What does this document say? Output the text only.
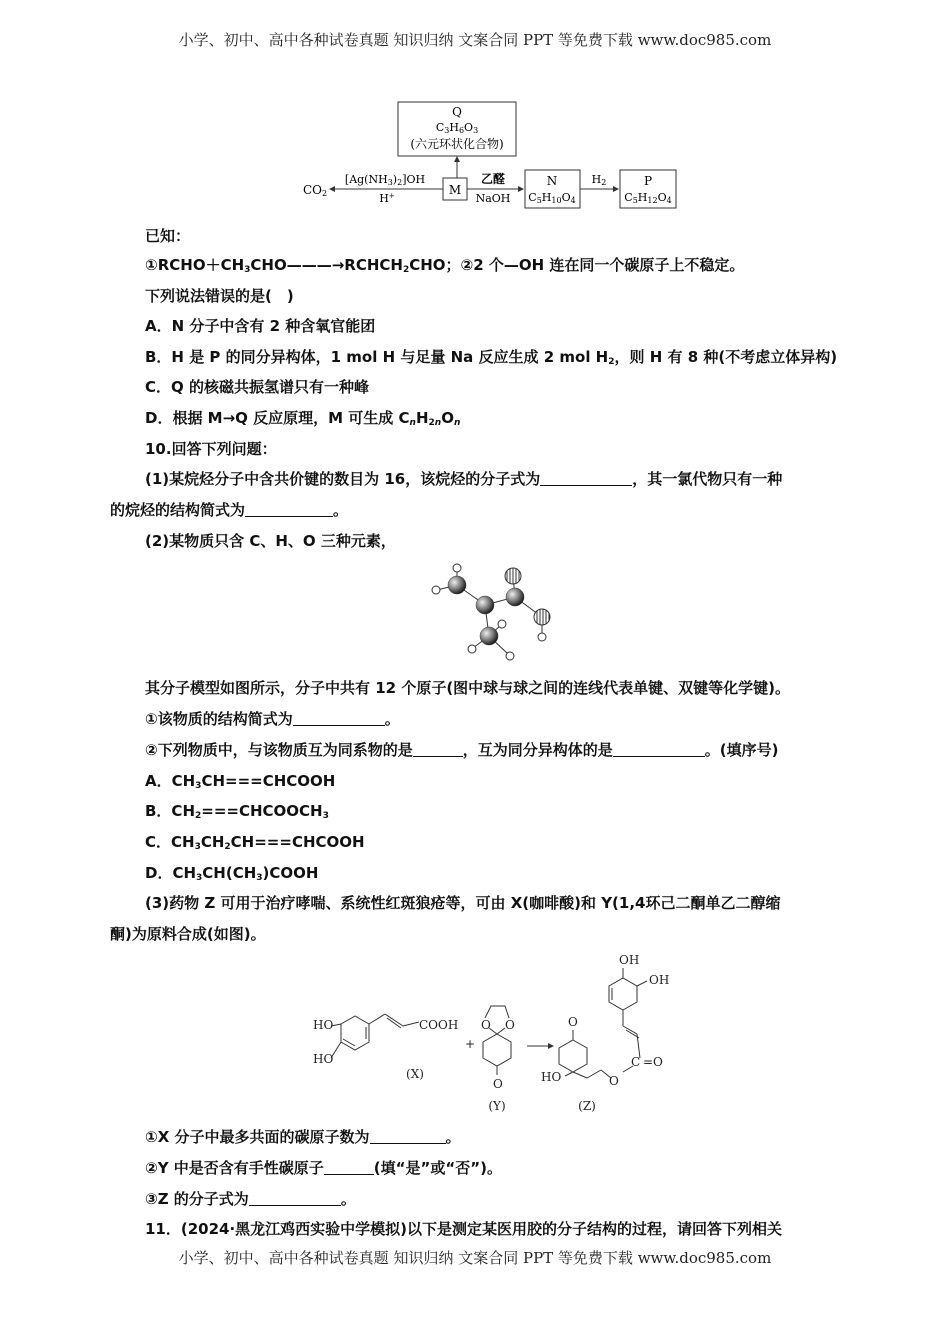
小学、初中、高中各种试卷真题 知识归纳 文案合同 PPT 等免费下载 www.doc985.com
Q
C3H6O3
(六元环状化合物)
M
CO2
[Ag(NH3)2]OH
H+
乙醛
NaOH
N
C5H10O4
H2	P
C5H12O4
已知：
$①RCHO+CH_3CHO———\to RCHCH_2CHO$；②2 个—OH 连在同一个碳原子上不稳定。
下列说法错误的是(　)
A．N 分子中含有 2 种含氧官能团
B．H 是 P 的同分异构体，1 mol H 与足量 Na 反应生成 2 mol $H_2$，则 H 有 8 种(不考虑立体异构)
C．Q 的核磁共振氢谱只有一种峰
D．根据 M→Q 反应原理，M 可生成 $C_nH_{2n}O_n$
10.回答下列问题：
(1)某烷烃分子中含共价键的数目为 16，该烷烃的分子式为	，其一氯代物只有一种
的烷烃的结构简式为	。
(2)某物质只含 C、H、O 三种元素，
其分子模型如图所示，分子中共有 12 个原子(图中球与球之间的连线代表单键、双键等化学键)。
①该物质的结构简式为	。
②下列物质中，与该物质互为同系物的是	，互为同分异构体的是	。(填序号)
A．$CH_3CH===CHCOOH$
B．$CH_2===CHCOOCH_3$
C．$CH_3CH_2CH===CHCOOH$
D．$CH_3CH(CH_3)COOH$
(3)药物 Z 可用于治疗哮喘、系统性红斑狼疮等，可由 X(咖啡酸)和 Y(1,4环己二酮单乙二醇缩
酮)为原料合成(如图)。
HO
HO
COOH
(X)
+
O O
O
(Y)
O
HO	O
C =O
OH
OH
(Z)
①X 分子中最多共面的碳原子数为	。
②Y 中是否含有手性碳原子	(填“是”或“否”)。
③Z 的分子式为	。
11．(2024·黑龙江鸡西实验中学模拟)以下是测定某医用胶的分子结构的过程，请回答下列相关
小学、初中、高中各种试卷真题 知识归纳 文案合同 PPT 等免费下载 www.doc985.com
